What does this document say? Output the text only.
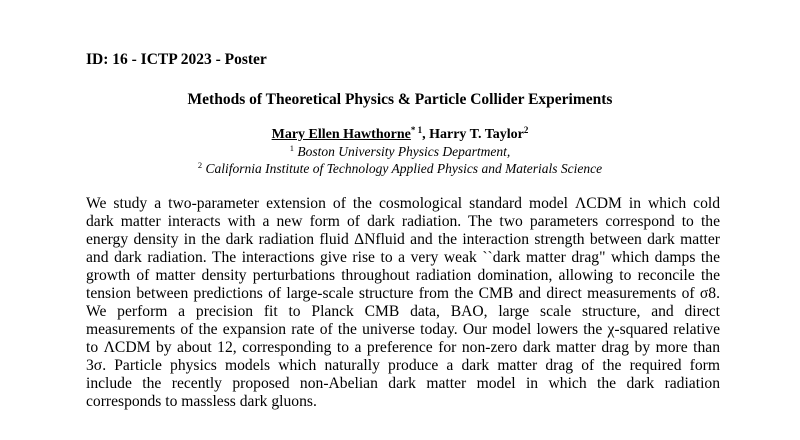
ID: 16 - ICTP 2023 - Poster
Methods of Theoretical Physics & Particle Collider Experiments
Mary Ellen Hawthorne$^{* 1}$, Harry T. Taylor$^2$
$^1$ Boston University Physics Department,
$^2$ California Institute of Technology Applied Physics and Materials Science
We study a two-parameter extension of the cosmological standard model ΛCDM in which cold
dark matter interacts with a new form of dark radiation. The two parameters correspond to the
energy density in the dark radiation fluid ΔNfluid and the interaction strength between dark matter
and dark radiation. The interactions give rise to a very weak ``dark matter drag" which damps the
growth of matter density perturbations throughout radiation domination, allowing to reconcile the
tension between predictions of large-scale structure from the CMB and direct measurements of σ8.
We perform a precision fit to Planck CMB data, BAO, large scale structure, and direct
measurements of the expansion rate of the universe today. Our model lowers the χ-squared relative
to ΛCDM by about 12, corresponding to a preference for non-zero dark matter drag by more than
3σ. Particle physics models which naturally produce a dark matter drag of the required form
include the recently proposed non-Abelian dark matter model in which the dark radiation
corresponds to massless dark gluons.
